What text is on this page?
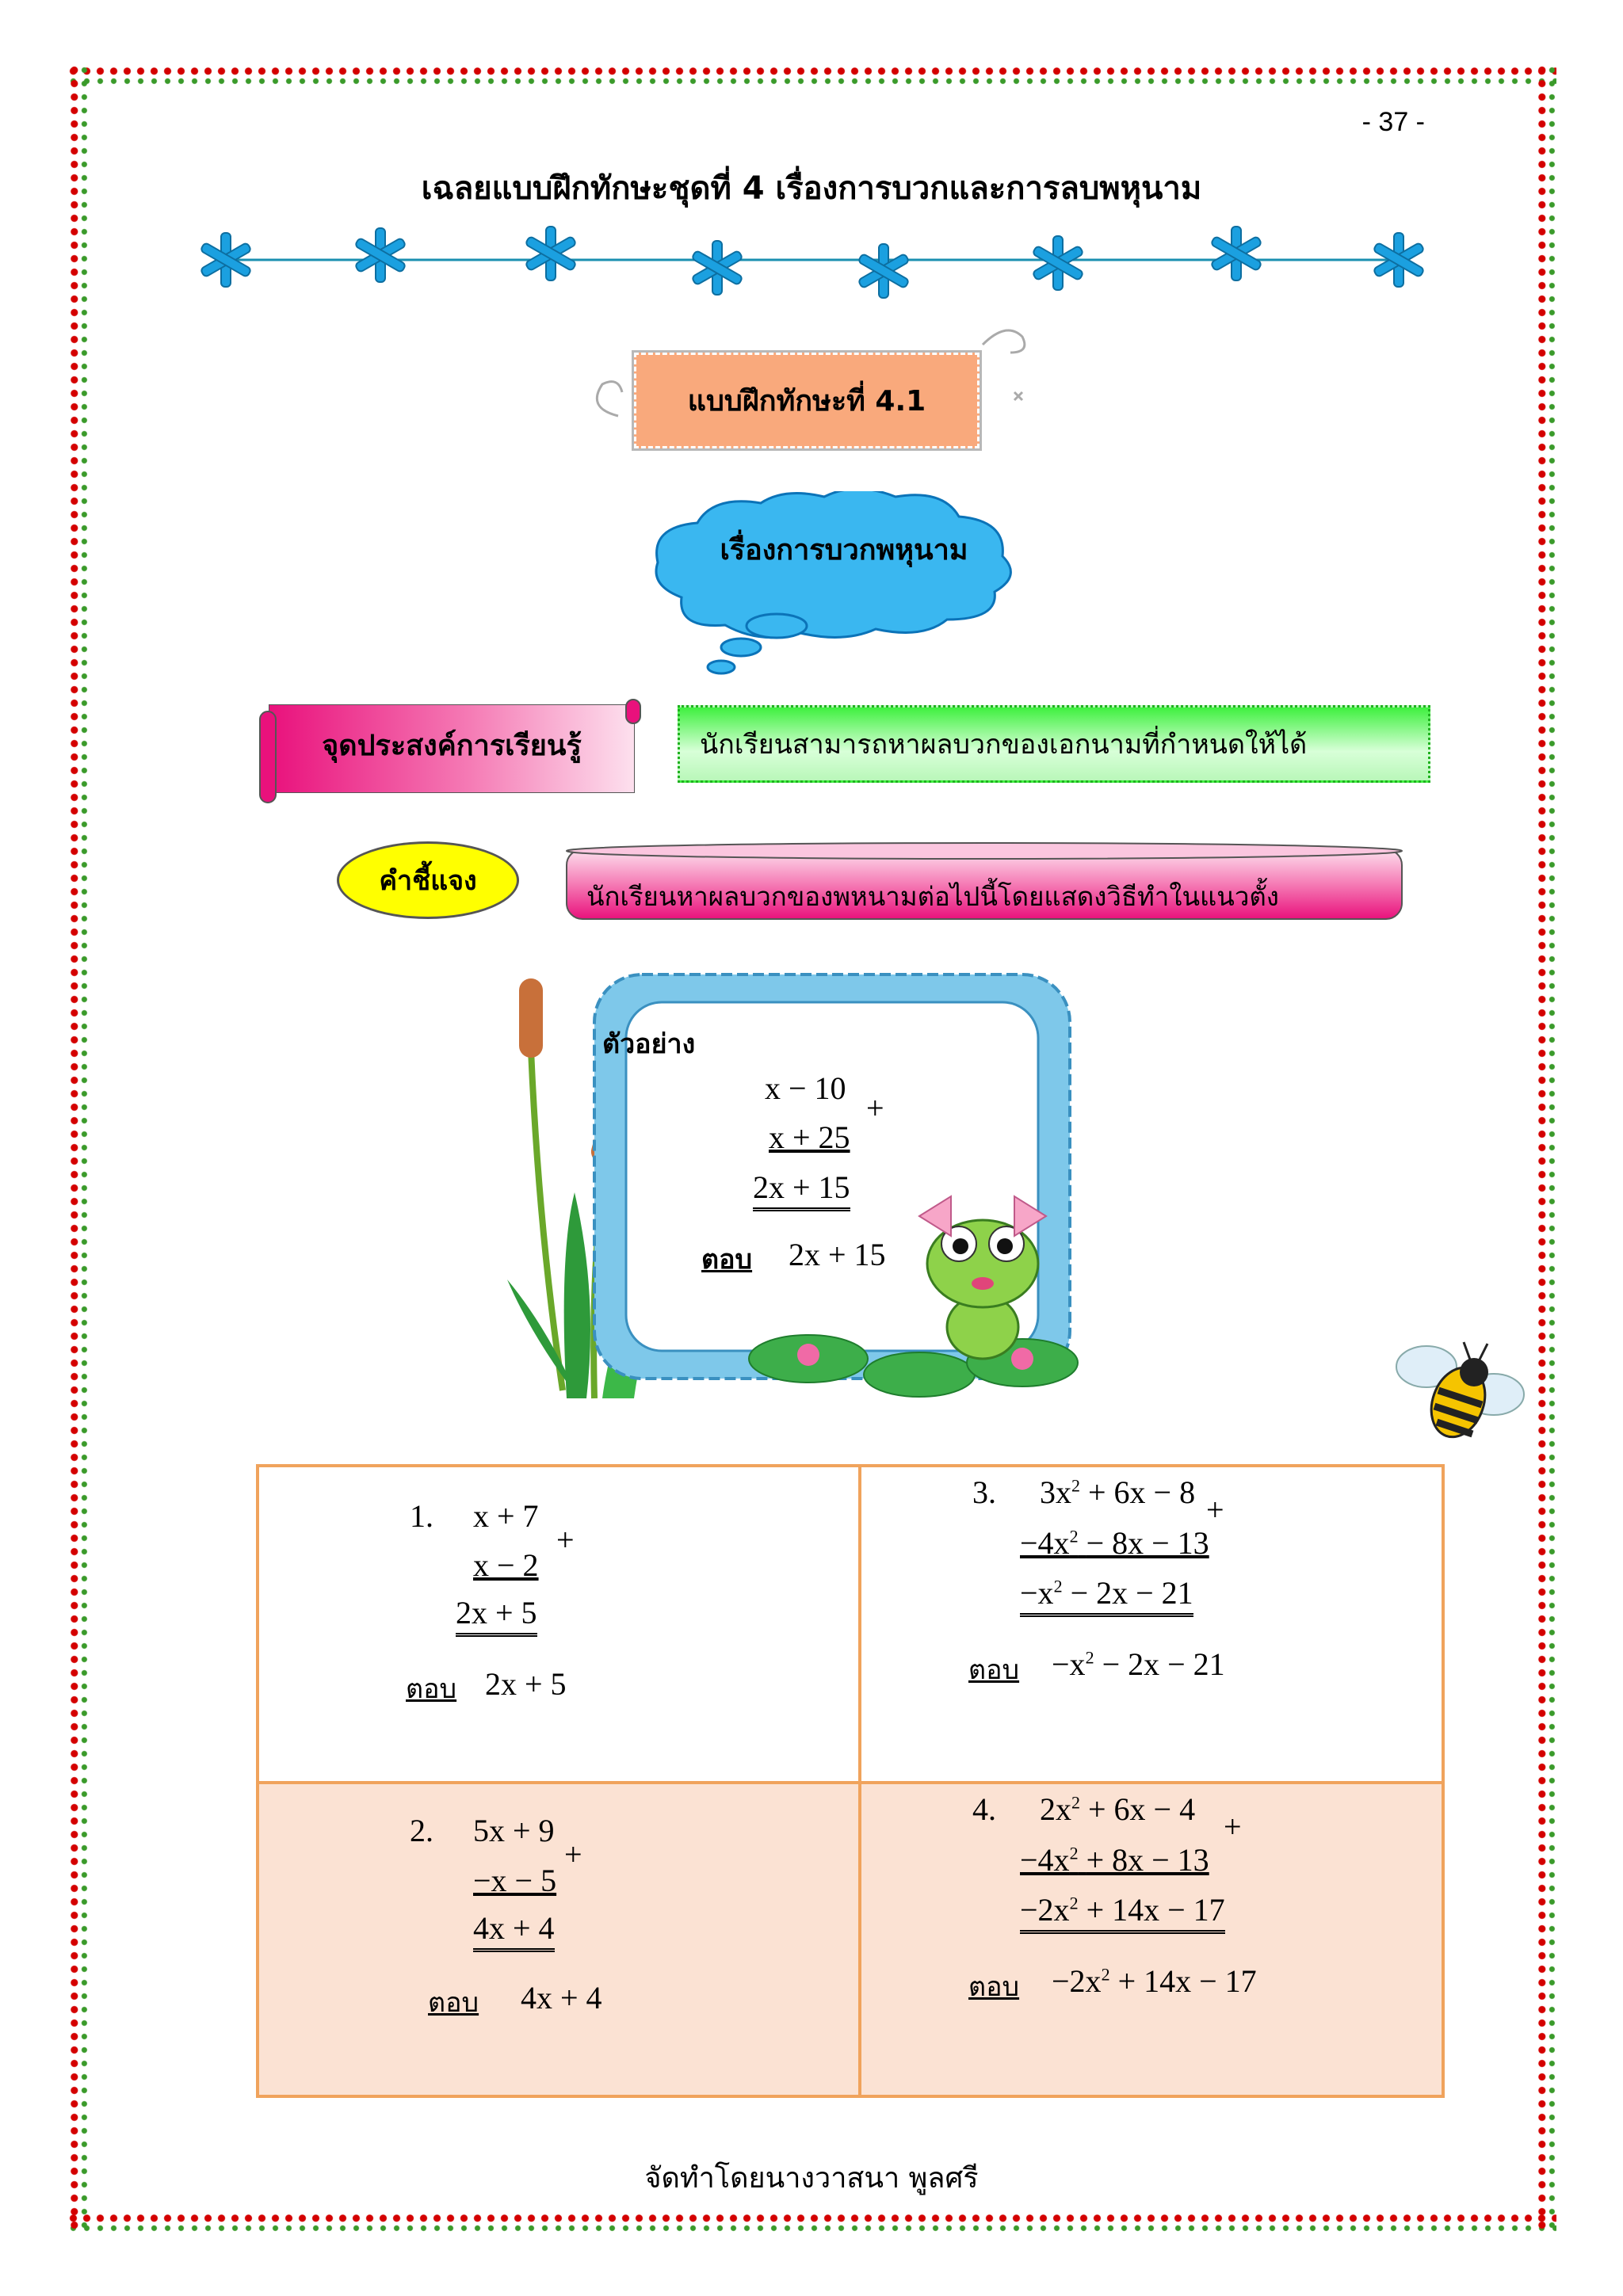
- 37 -
เฉลยแบบฝึกทักษะชุดที่ 4 เรื่องการบวกและการลบพหุนาม
แบบฝึกทักษะที่ 4.1
เรื่องการบวกพหุนาม
จุดประสงค์การเรียนรู้	นักเรียนสามารถหาผลบวกของเอกนามที่กำหนดให้ได้
คำชี้แจง	นักเรียนหาผลบวกของพหนามต่อไปนี้โดยแสดงวิธีทำในแนวตั้ง
ตัวอย่าง
x − 10
+
x + 25
2x + 15
ตอบ 2x + 15
1. x + 7
+
x − 2
2x + 5
ตอบ 2x + 5
3. $3x^2 + 6x - 8$ +
$-4x^2 - 8x - 13$
$-x^2 - 2x - 21$
ตอบ $-x^2 - 2x - 21$
2. 5x + 9
+
−x − 5
4x + 4
ตอบ 4x + 4
4. $2x^2 + 6x - 4$ +
$-4x^2 + 8x - 13$
$-2x^2 + 14x - 17$
ตอบ $-2x^2 + 14x - 17$
จัดทำโดยนางวาสนา พูลศรี
